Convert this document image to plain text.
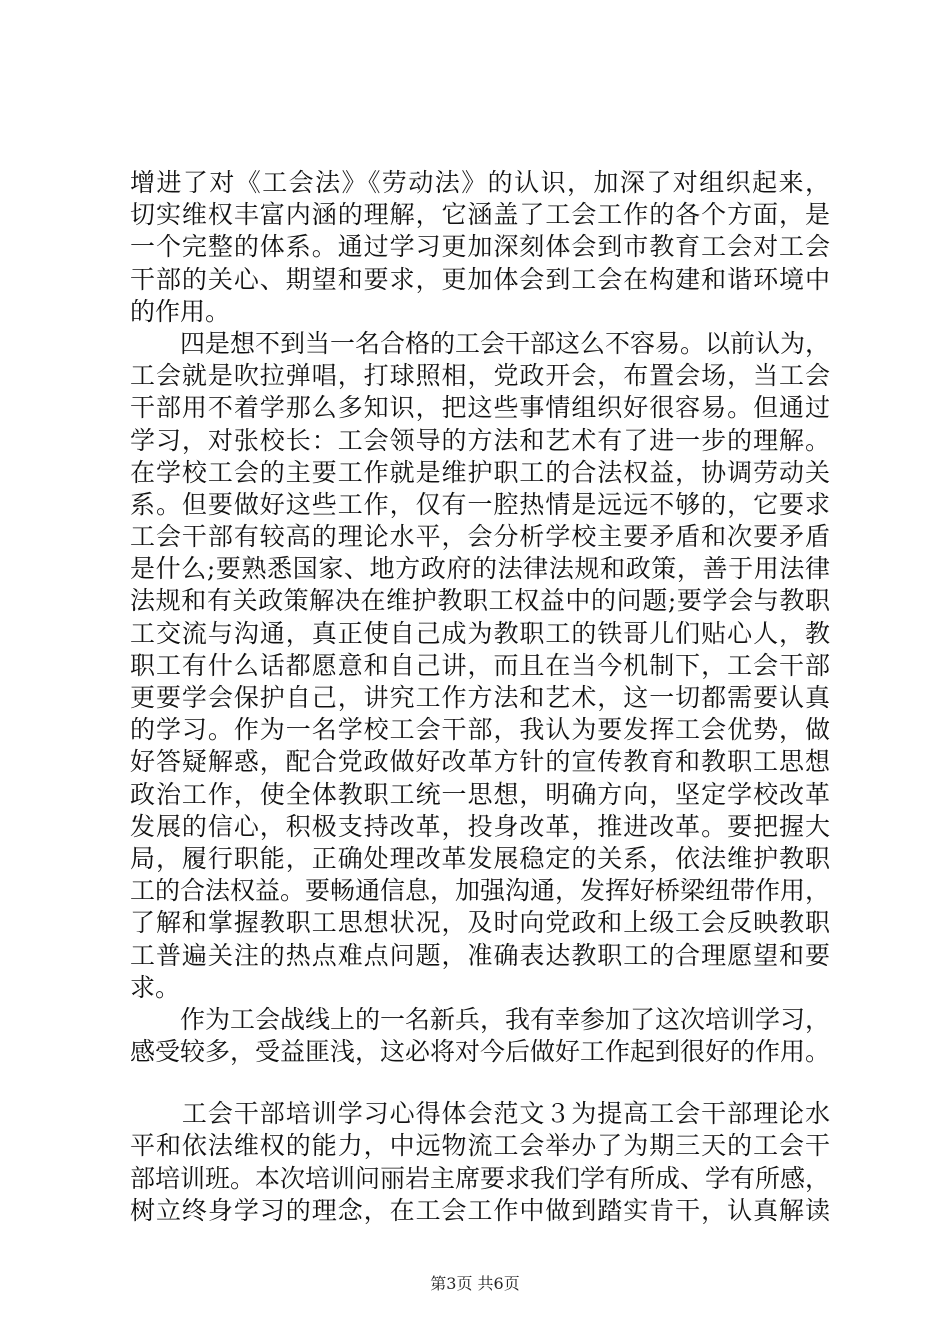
增进了对《工会法》《劳动法》的认识，加深了对组织起来，
切实维权丰富内涵的理解，它涵盖了工会工作的各个方面，是
一个完整的体系。通过学习更加深刻体会到市教育工会对工会
干部的关心、期望和要求，更加体会到工会在构建和谐环境中
的作用。
　　四是想不到当一名合格的工会干部这么不容易。以前认为，
工会就是吹拉弹唱，打球照相，党政开会，布置会场，当工会
干部用不着学那么多知识，把这些事情组织好很容易。但通过
学习，对张校长：工会领导的方法和艺术有了进一步的理解。
在学校工会的主要工作就是维护职工的合法权益，协调劳动关
系。但要做好这些工作，仅有一腔热情是远远不够的，它要求
工会干部有较高的理论水平，会分析学校主要矛盾和次要矛盾
是什么;要熟悉国家、地方政府的法律法规和政策，善于用法律
法规和有关政策解决在维护教职工权益中的问题;要学会与教职
工交流与沟通，真正使自己成为教职工的铁哥儿们贴心人，教
职工有什么话都愿意和自己讲，而且在当今机制下，工会干部
更要学会保护自己，讲究工作方法和艺术，这一切都需要认真
的学习。作为一名学校工会干部，我认为要发挥工会优势，做
好答疑解惑，配合党政做好改革方针的宣传教育和教职工思想
政治工作，使全体教职工统一思想，明确方向，坚定学校改革
发展的信心，积极支持改革，投身改革，推进改革。要把握大
局，履行职能，正确处理改革发展稳定的关系，依法维护教职
工的合法权益。要畅通信息，加强沟通，发挥好桥梁纽带作用，
了解和掌握教职工思想状况，及时向党政和上级工会反映教职
工普遍关注的热点难点问题，准确表达教职工的合理愿望和要
求。
　　作为工会战线上的一名新兵，我有幸参加了这次培训学习，
感受较多，受益匪浅，这必将对今后做好工作起到很好的作用。
　　工会干部培训学习心得体会范文３为提高工会干部理论水
平和依法维权的能力，中远物流工会举办了为期三天的工会干
部培训班。本次培训问丽岩主席要求我们学有所成、学有所感，
树立终身学习的理念，在工会工作中做到踏实肯干，认真解读
第3页 共6页
